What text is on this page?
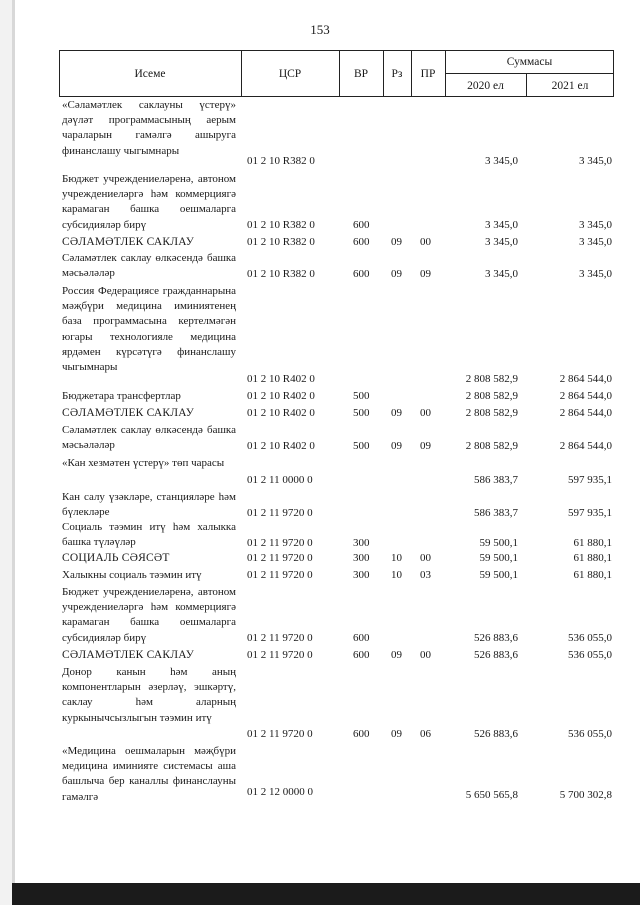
153
Исеме	ЦСР	ВР	Рз	ПР
Суммасы
2020 ел	2021 ел
«Сәламәтлек саклауны үстерү» дәүләт программасының аерым чараларын гамәлгә ашыруга финанслашу чыгымнары
01 2 10 R382 0	3 345,0	3 345,0
Бюджет учреждениеләренә, автоном учреждениеләргә һәм коммерциягә карамаган башка оешмаларга субсидияләр бирү	01 2 10 R382 0	600	3 345,0	3 345,0
СӘЛАМӘТЛЕК САКЛАУ	01 2 10 R382 0	600 09 00	3 345,0	3 345,0
Сәламәтлек саклау өлкәсендә башка мәсьәләләр	01 2 10 R382 0	600 09 09	3 345,0	3 345,0
Россия Федерациясе гражданнарына мәҗбүри медицина иминиятенең база программасына кертелмәгән югары технологияле медицина ярдәмен күрсәтүгә финанслашу чыгымнары
01 2 10 R402 0	2 808 582,9	2 864 544,0
Бюджетара трансфертлар	01 2 10 R402 0	500	2 808 582,9	2 864 544,0
СӘЛАМӘТЛЕК САКЛАУ	01 2 10 R402 0	500 09 00	2 808 582,9	2 864 544,0
Сәламәтлек саклау өлкәсендә башка мәсьәләләр	01 2 10 R402 0	500 09 09	2 808 582,9	2 864 544,0
«Кан хезмәтен үстерү» төп чарасы
01 2 11 0000 0	586 383,7	597 935,1
Кан салу үзәкләре, станцияләре һәм бүлекләре	01 2 11 9720 0	586 383,7	597 935,1
Социаль тәэмин итү һәм халыкка башка түләүләр	01 2 11 9720 0	300	59 500,1	61 880,1
СОЦИАЛЬ СӘЯСӘТ	01 2 11 9720 0	300 10 00	59 500,1	61 880,1
Халыкны социаль тәэмин итү	01 2 11 9720 0	300 10 03	59 500,1	61 880,1
Бюджет учреждениеләренә, автоном учреждениеләргә һәм коммерциягә карамаган башка оешмаларга субсидияләр бирү	01 2 11 9720 0	600	526 883,6	536 055,0
СӘЛАМӘТЛЕК САКЛАУ	01 2 11 9720 0	600 09 00	526 883,6	536 055,0
Донор канын һәм аның компонентларын әзерләү, эшкәртү, саклау һәм аларның куркынычсызлыгын тәэмин итү
01 2 11 9720 0	600 09 06	526 883,6	536 055,0
«Медицина оешмаларын мәҗбүри медицина иминияте системасы аша башлыча бер каналлы финанслауны гамәлгә	01 2 12 0000 0	5 650 565,8	5 700 302,8
